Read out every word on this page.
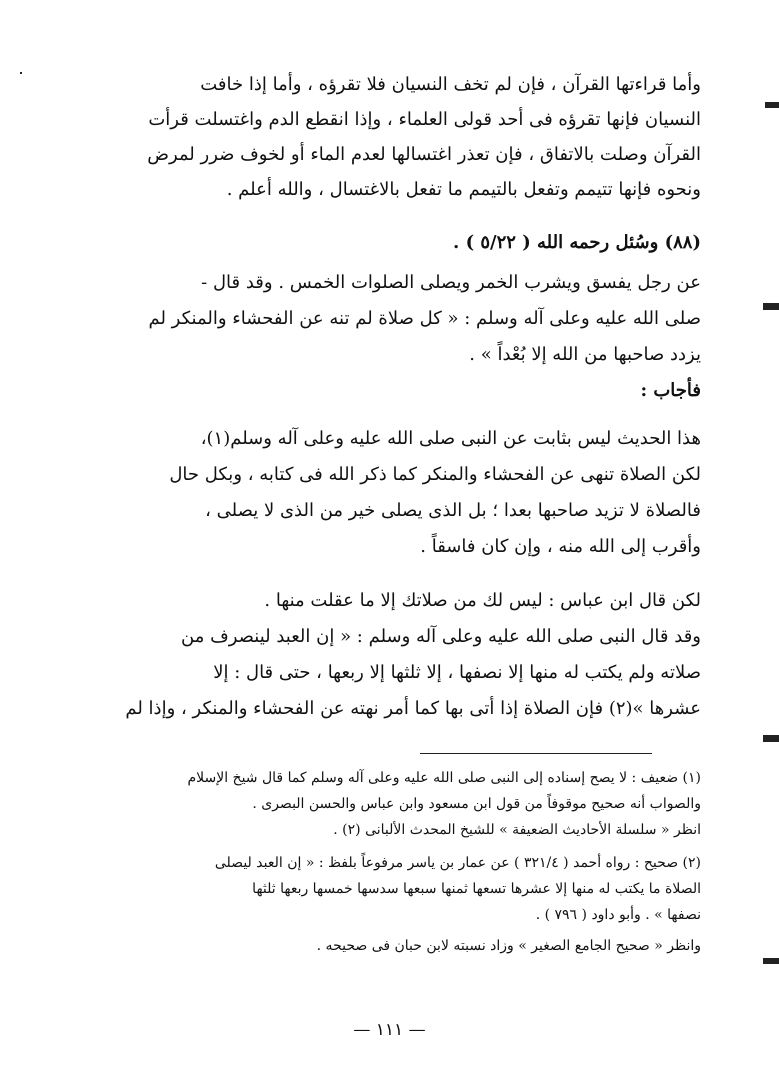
وأما قراءتها القرآن ، فإن لم تخف النسيان فلا تقرؤه ، وأما إذا خافت
النسيان فإنها تقرؤه فى أحد قولى العلماء ، وإذا انقطع الدم واغتسلت قرأت
القرآن وصلت بالاتفاق ، فإن تعذر اغتسالها لعدم الماء أو لخوف ضرر لمرض
ونحوه فإنها تتيمم وتفعل بالتيمم ما تفعل بالاغتسال ، والله أعلم .
(٨٨) وسُئل رحمه الله ( ٥/٢٢ ) .
عن رجل يفسق ويشرب الخمر ويصلى الصلوات الخمس . وقد قال -
صلى الله عليه وعلى آله وسلم : « كل صلاة لم تنه عن الفحشاء والمنكر لم
يزدد صاحبها من الله إلا بُعْداً » .
فأجاب :
هذا الحديث ليس بثابت عن النبى صلى الله عليه وعلى آله وسلم(١)،
لكن الصلاة تنهى عن الفحشاء والمنكر كما ذكر الله فى كتابه ، وبكل حال
فالصلاة لا تزيد صاحبها بعدا ؛ بل الذى يصلى خير من الذى لا يصلى ،
وأقرب إلى الله منه ، وإن كان فاسقاً .
لكن قال ابن عباس : ليس لك من صلاتك إلا ما عقلت منها .
وقد قال النبى صلى الله عليه وعلى آله وسلم : « إن العبد لينصرف من
صلاته ولم يكتب له منها إلا نصفها ، إلا ثلثها إلا ربعها ، حتى قال : إلا
عشرها »(٢) فإن الصلاة إذا أتى بها كما أمر نهته عن الفحشاء والمنكر ، وإذا لم
(١) ضعيف : لا يصح إسناده إلى النبى صلى الله عليه وعلى آله وسلم كما قال شيخ الإسلام
والصواب أنه صحيح موقوفاً من قول ابن مسعود وابن عباس والحسن البصرى .
انظر « سلسلة الأحاديث الضعيفة » للشيخ المحدث الألبانى (٢) .
(٢) صحيح : رواه أحمد ( ٣٢١/٤ ) عن عمار بن ياسر مرفوعاً بلفظ : « إن العبد ليصلى
الصلاة ما يكتب له منها إلا عشرها تسعها ثمنها سبعها سدسها خمسها ربعها ثلثها
نصفها » . وأبو داود ( ٧٩٦ ) .
وانظر « صحيح الجامع الصغير » وزاد نسبته لابن حبان فى صحيحه .
— ١١١ —
